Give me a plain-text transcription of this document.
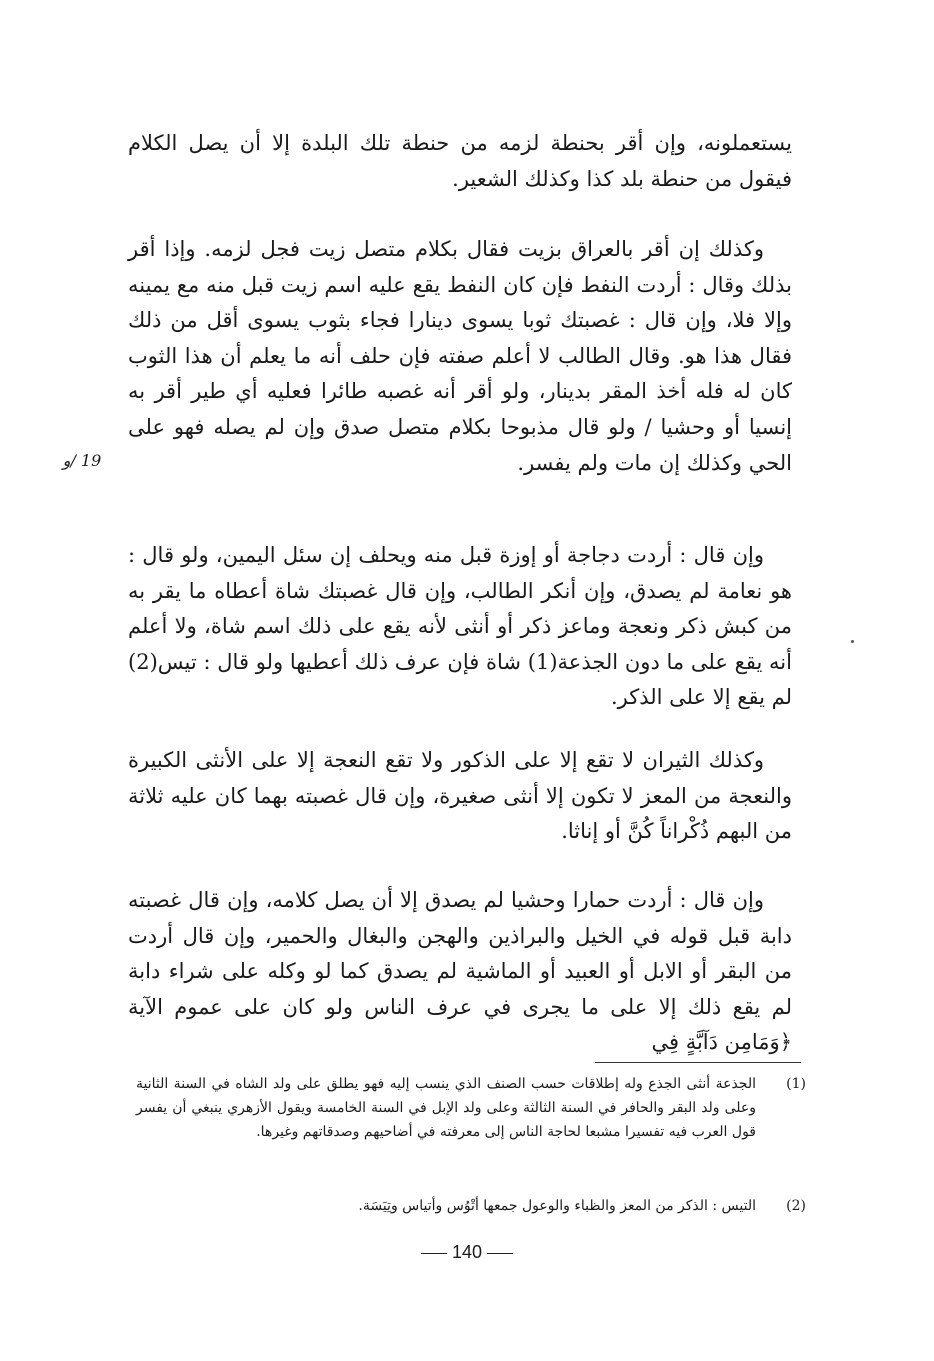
يستعملونه، وإن أقر بحنطة لزمه من حنطة تلك البلدة إلا أن يصل الكلام فيقول من حنطة بلد كذا وكذلك الشعير.

وكذلك إن أقر بالعراق بزيت فقال بكلام متصل زيت فجل لزمه. وإذا أقر بذلك وقال : أردت النفط فإن كان النفط يقع عليه اسم زيت قبل منه مع يمينه وإلا فلا، وإن قال : غصبتك ثوبا يسوى دينارا فجاء بثوب يسوى أقل من ذلك فقال هذا هو. وقال الطالب لا أعلم صفته فإن حلف أنه ما يعلم أن هذا الثوب كان له فله أخذ المقر بدينار، ولو أقر أنه غصبه طائرا فعليه أي طير أقر به إنسيا أو وحشيا / ولو قال مذبوحا بكلام متصل صدق وإن لم يصله فهو على الحي وكذلك إن مات ولم يفسر.

19 /و

وإن قال : أردت دجاجة أو إوزة قبل منه ويحلف إن سئل اليمين، ولو قال : هو نعامة لم يصدق، وإن أنكر الطالب، وإن قال غصبتك شاة أعطاه ما يقر به من كبش ذكر ونعجة وماعز ذكر أو أنثى لأنه يقع على ذلك اسم شاة، ولا أعلم أنه يقع على ما دون الجذعة(1) شاة فإن عرف ذلك أعطيها ولو قال : تيس(2) لم يقع إلا على الذكر.

وكذلك الثيران لا تقع إلا على الذكور ولا تقع النعجة إلا على الأنثى الكبيرة والنعجة من المعز لا تكون إلا أنثى صغيرة، وإن قال غصبته بهما كان عليه ثلاثة من البهم ذُكْراناً كُنَّ أو إناثا.

وإن قال : أردت حمارا وحشيا لم يصدق إلا أن يصل كلامه، وإن قال غصبته دابة قبل قوله في الخيل والبراذين والهجن والبغال والحمير، وإن قال أردت من البقر أو الابل أو العبيد أو الماشية لم يصدق كما لو وكله على شراء دابة لم يقع ذلك إلا على ما يجرى في عرف الناس ولو كان على عموم الآية ﴿وَمَامِن دَآبَّةٍ فِي

(1)
الجذعة أنثى الجذع وله إطلاقات حسب الصنف الذي ينسب إليه فهو يطلق على ولد الشاه في السنة الثانية وعلى ولد البقر والحافر في السنة الثالثة وعلى ولد الإبل في السنة الخامسة ويقول الأزهري ينبغي أن يفسر قول العرب فيه تفسيرا مشبعا لحاجة الناس إلى معرفته في أضاحيهم وصدقاتهم وغيرها.
(2)
التيس : الذكر من المعز والظباء والوعول جمعها أتْوُس وأتياس وتِيَسَة.
140
